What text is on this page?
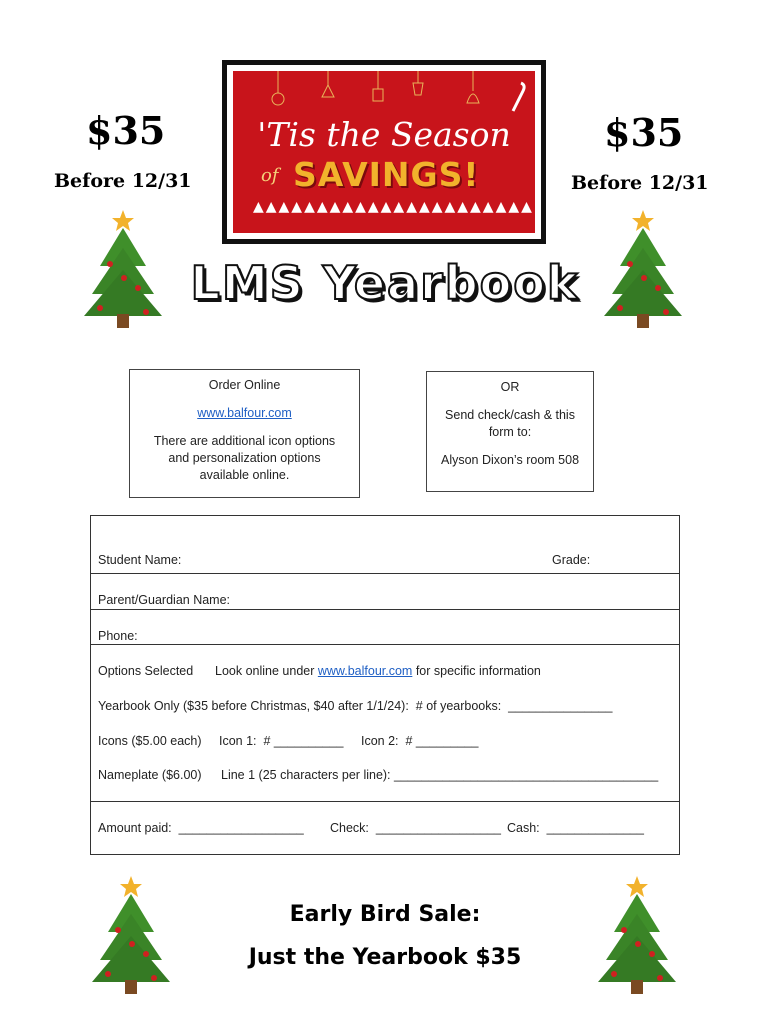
$35
Before 12/31
$35
Before 12/31
'Tis the Season
of SAVINGS!
▲▲▲▲▲▲▲▲▲▲▲▲▲▲▲▲▲▲▲▲▲▲
LMS Yearbook

Order Online

www.balfour.com

There are additional icon options and personalization options available online.

OR

Send check/cash & this form to:

Alyson Dixon’s room 508

Student Name:	Grade:
Parent/Guardian Name:
Phone:
Options Selected Look online under www.balfour.com for specific information
Yearbook Only ($35 before Christmas, $40 after 1/1/24):  # of yearbooks:  _______________
Icons ($5.00 each) Icon 1:  # __________ Icon 2:  # _________
Nameplate ($6.00) Line 1 (25 characters per line): ______________________________________
Amount paid:  __________________ Check:  __________________ Cash:  ______________
Early Bird Sale:
Just the Yearbook $35
